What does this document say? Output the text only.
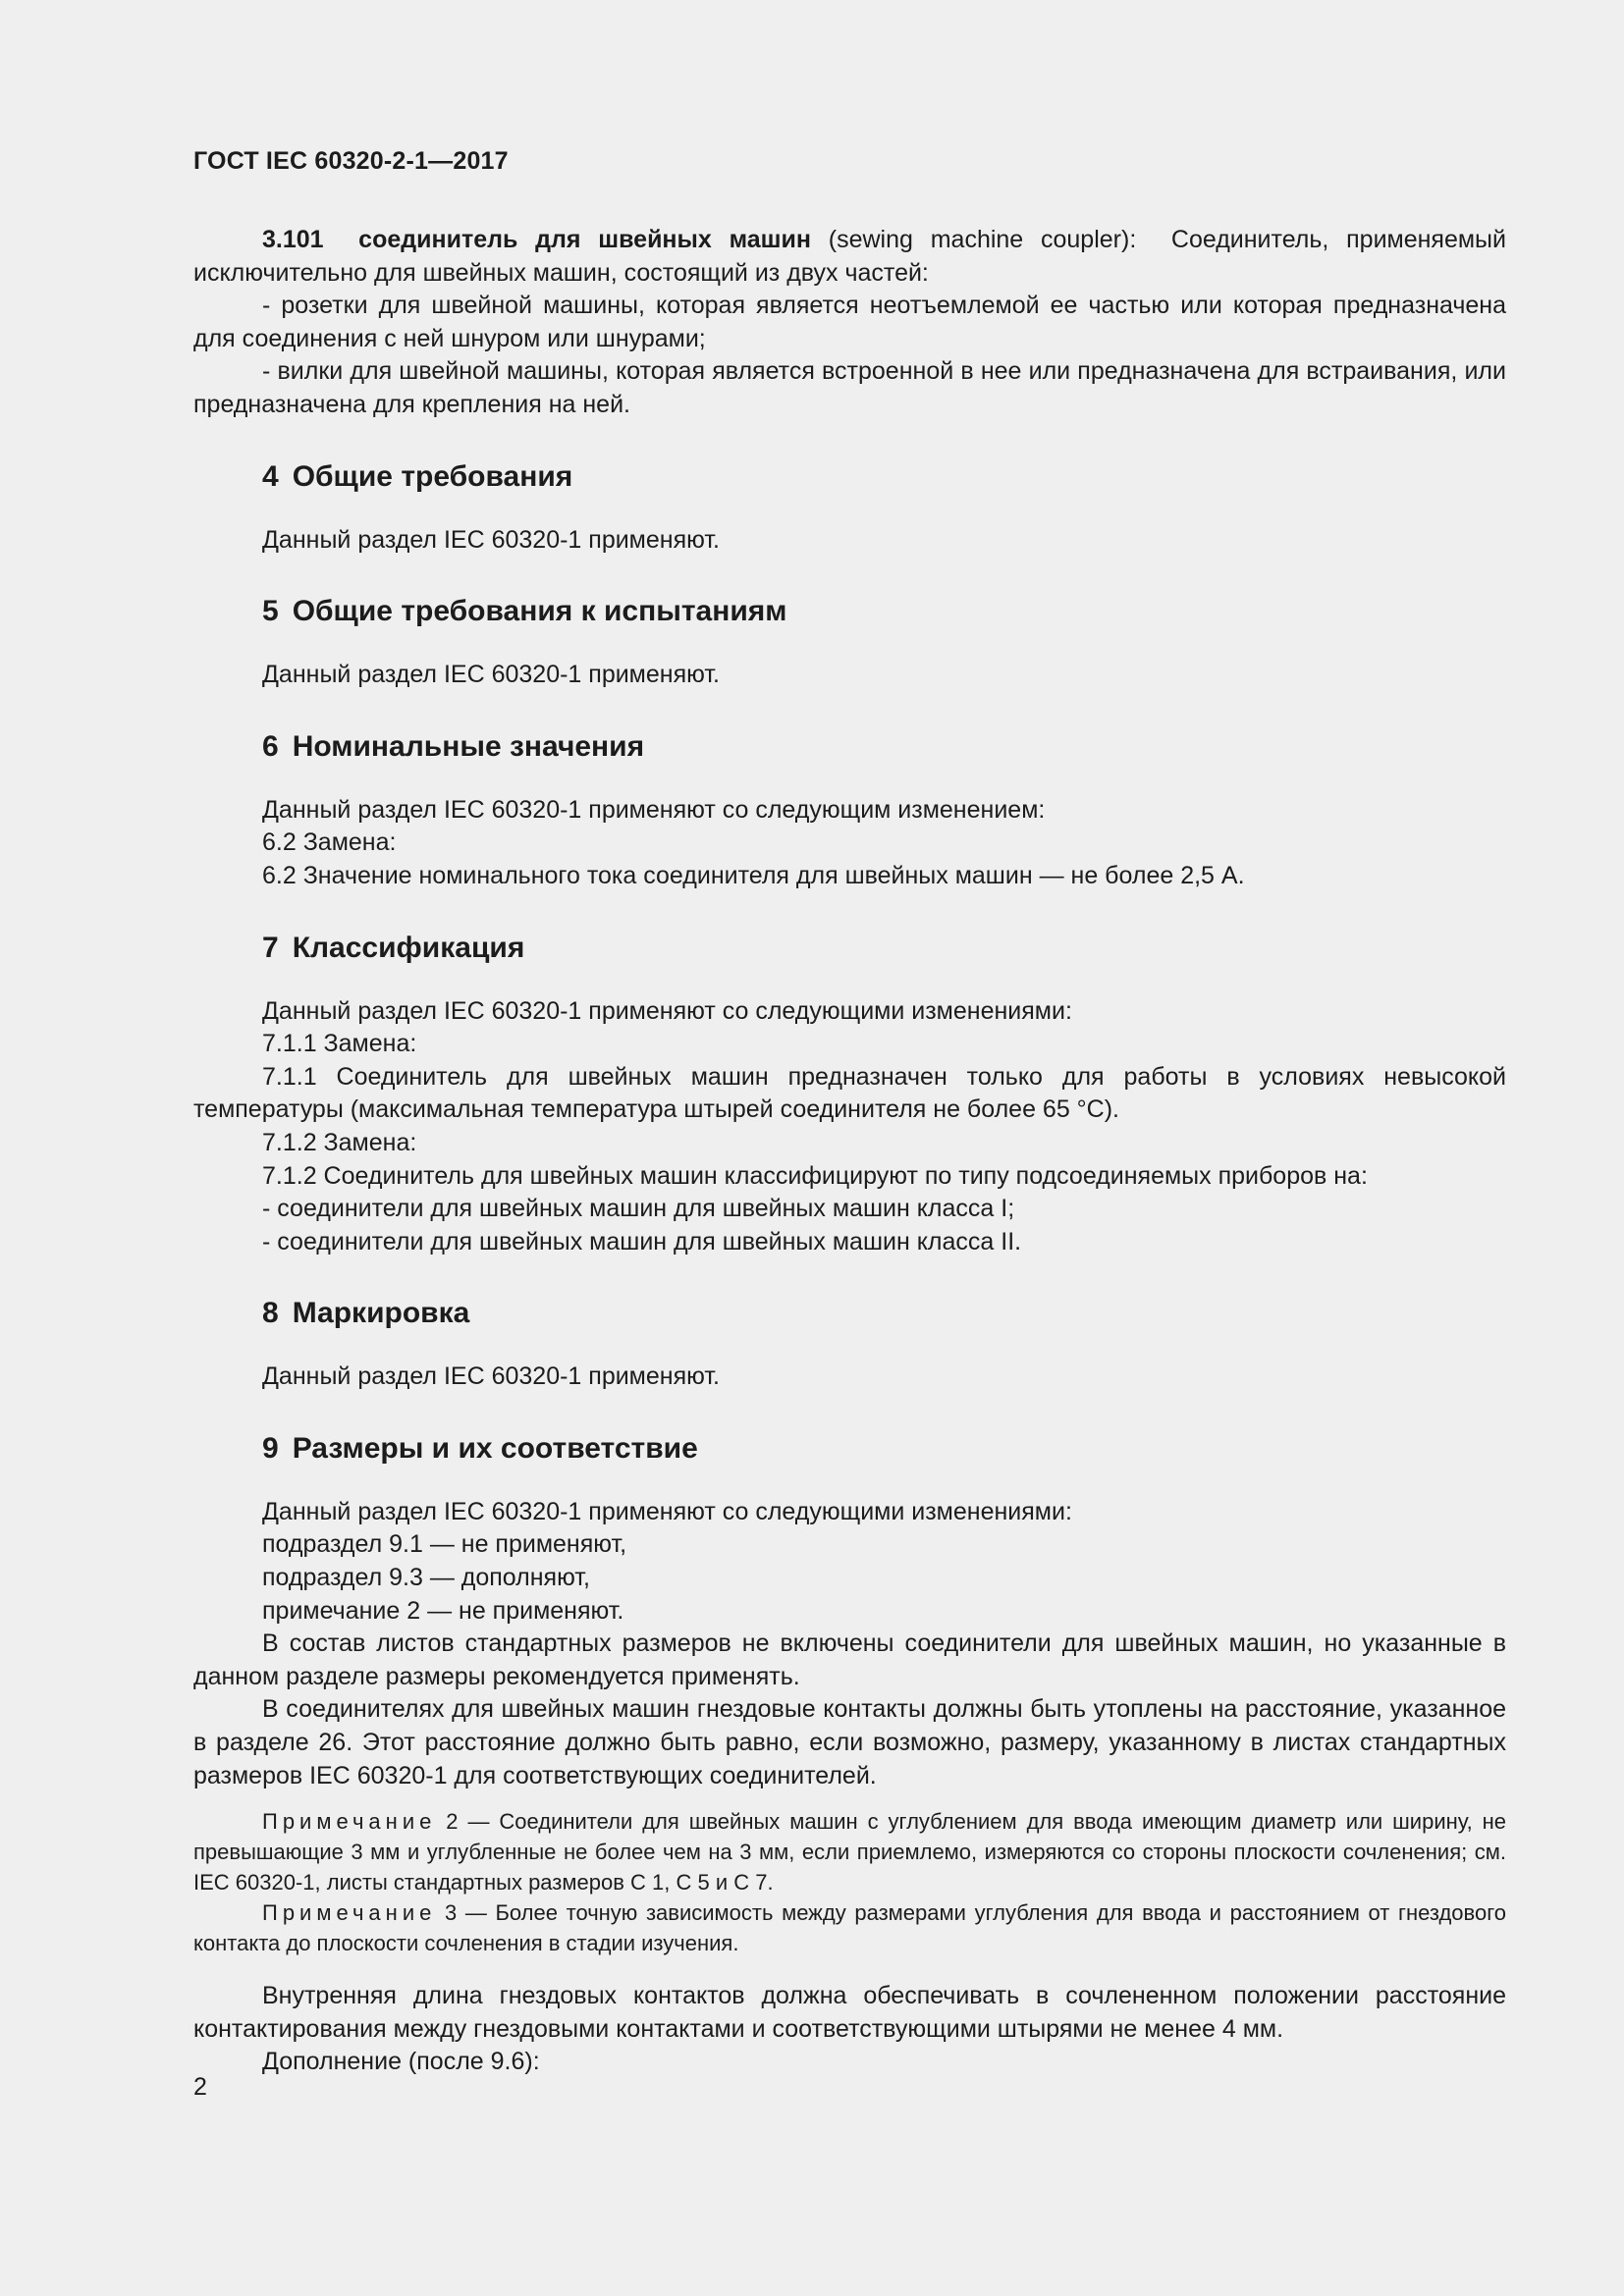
ГОСТ IEC 60320-2-1—2017

3.101 соединитель для швейных машин (sewing machine coupler): Соединитель, применяемый исключительно для швейных машин, состоящий из двух частей:

- розетки для швейной машины, которая является неотъемлемой ее частью или которая предназначена для соединения с ней шнуром или шнурами;

- вилки для швейной машины, которая является встроенной в нее или предназначена для встраивания, или предназначена для крепления на ней.

4 Общие требования

Данный раздел IEC 60320-1 применяют.

5 Общие требования к испытаниям

Данный раздел IEC 60320-1 применяют.

6 Номинальные значения

Данный раздел IEC 60320-1 применяют со следующим изменением:

6.2 Замена:

6.2 Значение номинального тока соединителя для швейных машин — не более 2,5 А.

7 Классификация

Данный раздел IEC 60320-1 применяют со следующими изменениями:

7.1.1 Замена:

7.1.1 Соединитель для швейных машин предназначен только для работы в условиях невысокой температуры (максимальная температура штырей соединителя не более 65 °C).

7.1.2 Замена:

7.1.2 Соединитель для швейных машин классифицируют по типу подсоединяемых приборов на:

- соединители для швейных машин для швейных машин класса I;

- соединители для швейных машин для швейных машин класса II.

8 Маркировка

Данный раздел IEC 60320-1 применяют.

9 Размеры и их соответствие

Данный раздел IEC 60320-1 применяют со следующими изменениями:

подраздел 9.1 — не применяют,

подраздел 9.3 — дополняют,

примечание 2 — не применяют.

В состав листов стандартных размеров не включены соединители для швейных машин, но указанные в данном разделе размеры рекомендуется применять.

В соединителях для швейных машин гнездовые контакты должны быть утоплены на расстояние, указанное в разделе 26. Этот расстояние должно быть равно, если возможно, размеру, указанному в листах стандартных размеров IEC 60320-1 для соответствующих соединителей.

Примечание 2 — Соединители для швейных машин с углублением для ввода имеющим диаметр или ширину, не превышающие 3 мм и углубленные не более чем на 3 мм, если приемлемо, измеряются со стороны плоскости сочленения; см. IEC 60320-1, листы стандартных размеров C 1, C 5 и C 7.

Примечание 3 — Более точную зависимость между размерами углубления для ввода и расстоянием от гнездового контакта до плоскости сочленения в стадии изучения.

Внутренняя длина гнездовых контактов должна обеспечивать в сочлененном положении расстояние контактирования между гнездовыми контактами и соответствующими штырями не менее 4 мм.

Дополнение (после 9.6):

2
